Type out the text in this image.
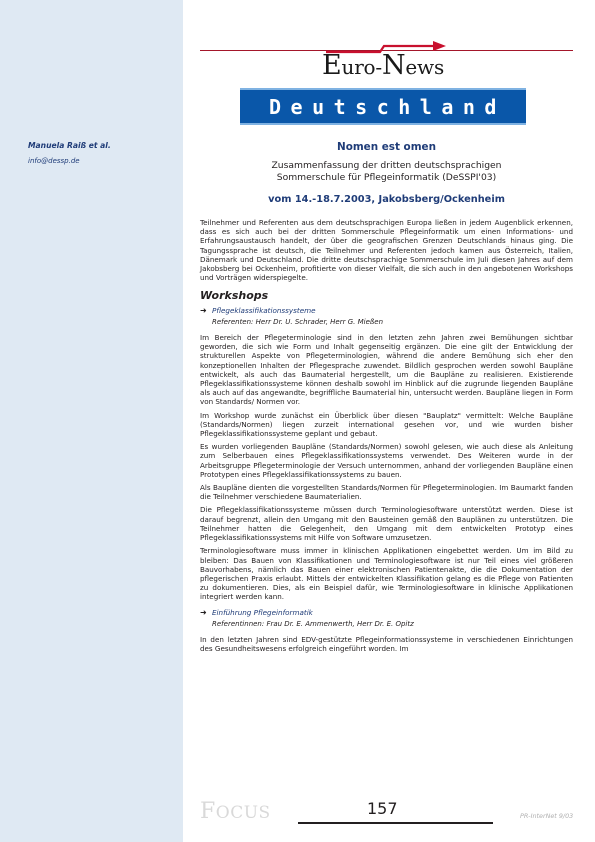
Manuela Raiß et al.
info@dessp.de
Euro-News
Deutschland
Nomen est omen
Zusammenfassung der dritten deutschsprachigen
Sommerschule für Pflegeinformatik (DeSSPI'03)
vom 14.-18.7.2003, Jakobsberg/Ockenheim

Teilnehmer und Referenten aus dem deutschsprachigen Europa ließen in jedem Augenblick erkennen, dass es sich auch bei der dritten Sommerschule Pflegeinformatik um einen Informations- und Erfahrungsaustausch handelt, der über die geografischen Grenzen Deutschlands hinaus ging. Die Tagungssprache ist deutsch, die Teilnehmer und Referenten jedoch kamen aus Österreich, Italien, Dänemark und Deutschland. Die dritte deutschsprachige Sommerschule im Juli diesen Jahres auf dem Jakobsberg bei Ockenheim, profitierte von dieser Vielfalt, die sich auch in den angebotenen Workshops und Vorträgen widerspiegelte.

Workshops
➜ Pflegeklassifikationssysteme
Referenten: Herr Dr. U. Schrader, Herr G. Mießen

Im Bereich der Pflegeterminologie sind in den letzten zehn Jahren zwei Bemühungen sichtbar geworden, die sich wie Form und Inhalt gegenseitig ergänzen. Die eine gilt der Entwicklung der strukturellen Aspekte von Pflegeterminologien, während die andere Bemühung sich eher den konzeptionellen Inhalten der Pflegesprache zuwendet. Bildlich gesprochen werden sowohl Baupläne entwickelt, als auch das Baumaterial hergestellt, um die Baupläne zu realisieren. Existierende Pflegeklassifikationssysteme können deshalb sowohl im Hinblick auf die zugrunde liegenden Baupläne als auch auf das angewandte, begriffliche Baumaterial hin, untersucht werden. Baupläne liegen in Form von Standards/ Normen vor.

Im Workshop wurde zunächst ein Überblick über diesen "Bauplatz" vermittelt: Welche Baupläne (Standards/Normen) liegen zurzeit international gesehen vor, und wie wurden bisher Pflegeklassifikationssysteme geplant und gebaut.

Es wurden vorliegenden Baupläne (Standards/Normen) sowohl gelesen, wie auch diese als Anleitung zum Selberbauen eines Pflegeklassifikationssystems verwendet. Des Weiteren wurde in der Arbeitsgruppe Pflegeterminologie der Versuch unternommen, anhand der vorliegenden Baupläne einen Prototypen eines Pflegeklassifikationssystems zu bauen.

Als Baupläne dienten die vorgestellten Standards/Normen für Pflegeterminologien. Im Baumarkt fanden die Teilnehmer verschiedene Baumaterialien.

Die Pflegeklassifikationssysteme müssen durch Terminologiesoftware unterstützt werden. Diese ist darauf begrenzt, allein den Umgang mit den Bausteinen gemäß den Bauplänen zu unterstützen. Die Teilnehmer hatten die Gelegenheit, den Umgang mit dem entwickelten Prototyp eines Pflegeklassifikationssystems mit Hilfe von Software umzusetzen.

Terminologiesoftware muss immer in klinischen Applikationen eingebettet werden. Um im Bild zu bleiben: Das Bauen von Klassifikationen und Terminologiesoftware ist nur Teil eines viel größeren Bauvorhabens, nämlich das Bauen einer elektronischen Patientenakte, die die Dokumentation der pflegerischen Praxis erlaubt. Mittels der entwickelten Klassifikation gelang es die Pflege von Patienten zu dokumentieren. Dies, als ein Beispiel dafür, wie Terminologiesoftware in klinische Applikationen integriert werden kann.

➜ Einführung Pflegeinformatik
Referentinnen: Frau Dr. E. Ammenwerth, Herr Dr. E. Opitz

In den letzten Jahren sind EDV-gestützte Pflegeinformationssysteme in verschiedenen Einrichtungen des Gesundheitswesens erfolgreich eingeführt worden. Im

FOCUS	157	PR-InterNet 9/03
